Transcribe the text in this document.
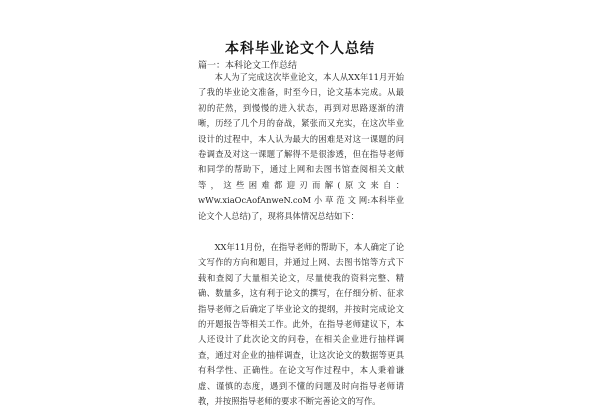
本科毕业论文个人总结
篇一：本科论文工作总结

本人为了完成这次毕业论文，本人从XX年11月开始了我的毕业论文准备，时至今日，论文基本完成。从最初的茫然，到慢慢的进入状态，再到对思路逐渐的清晰，历经了几个月的奋战，紧张而又充实，在这次毕业设计的过程中，本人认为最大的困难是对这一课题的问卷调查及对这一课题了解得不是很渗透，但在指导老师和同学的帮助下，通过上网和去图书馆查阅相关文献等，这些困难都迎刃而解(原文来自：wWw.xiaOcAofAnweN.coM 小 草 范 文 网:本科毕业论文个人总结)了，现将具体情况总结如下：

XX年11月份，在指导老师的帮助下，本人确定了论文写作的方向和题目，并通过上网、去图书馆等方式下载和查阅了大量相关论文，尽量使我的资料完整、精确、数量多，这有利于论文的撰写，在仔细分析、征求指导老师之后确定了毕业论文的提纲，并按时完成论文的开题报告等相关工作。此外，在指导老师建议下，本人还设计了此次论文的问卷，在相关企业进行抽样调查，通过对企业的抽样调查，让这次论文的数据等更具有科学性、正确性。在论文写作过程中，本人秉着谦虚、谨慎的态度，遇到不懂的问题及时向指导老师请教，并按照指导老师的要求不断完善论文的写作。
